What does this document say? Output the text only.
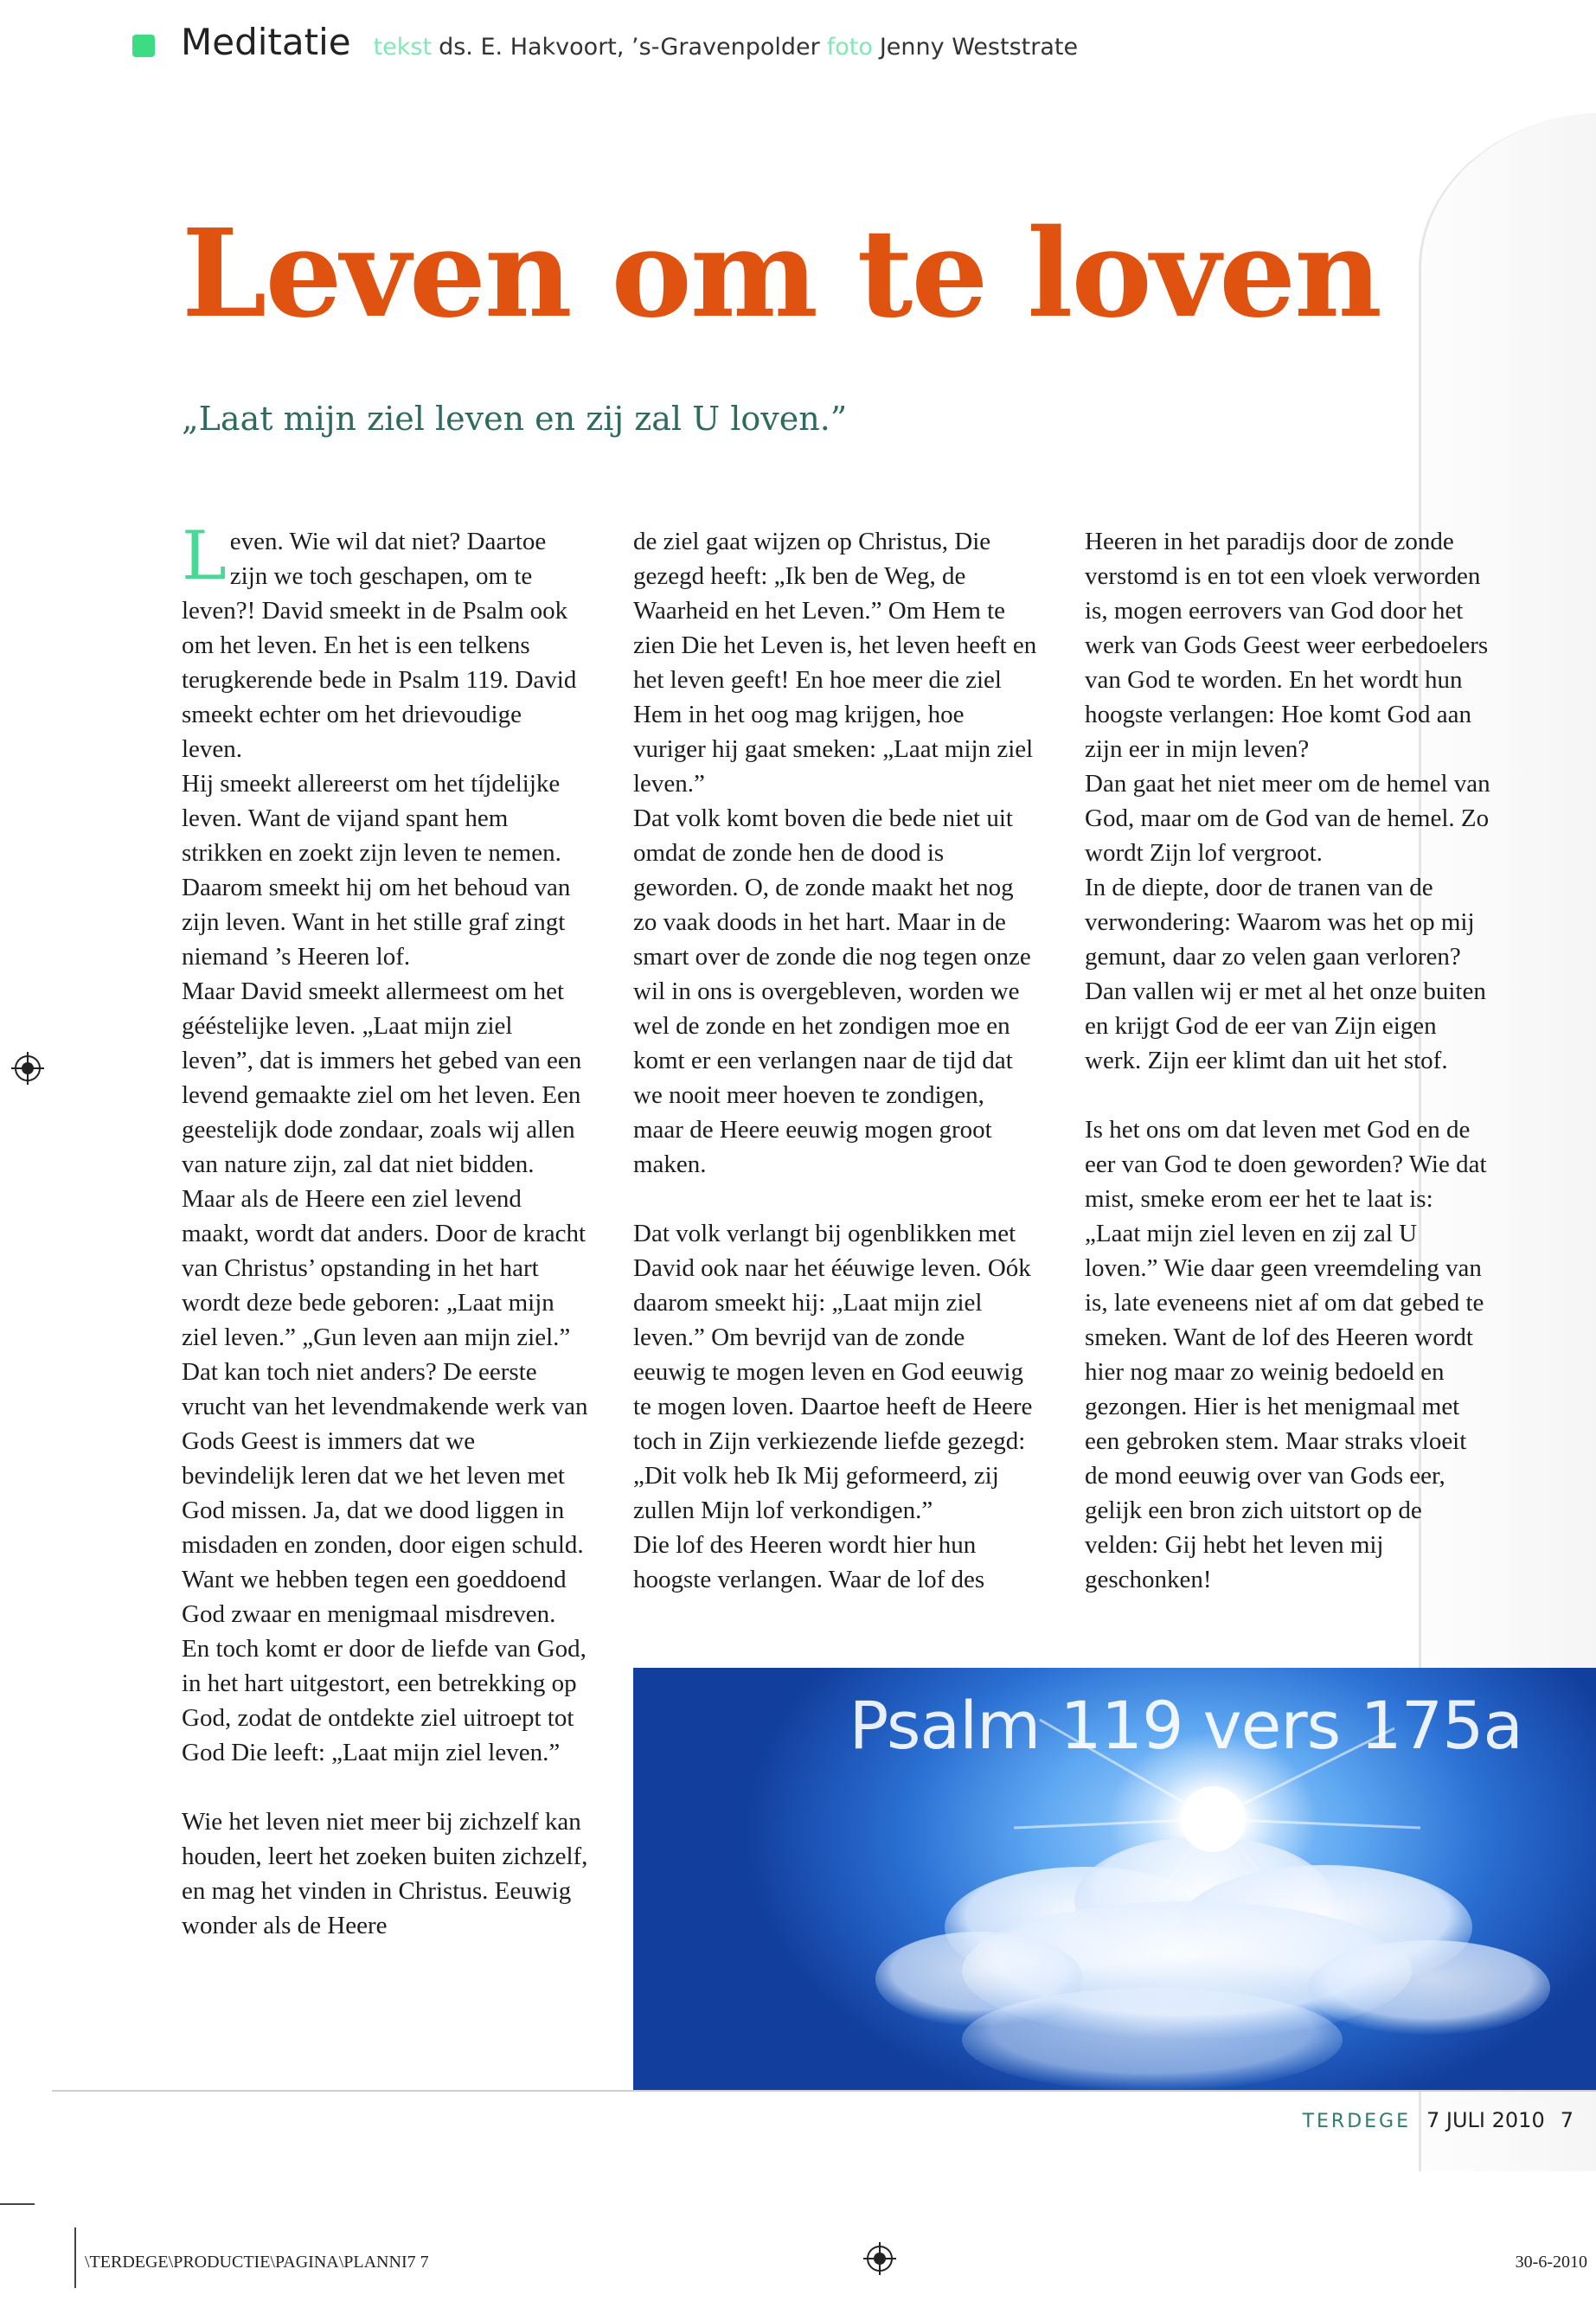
Meditatie tekst ds. E. Hakvoort, ’s-Gravenpolder foto Jenny Weststrate
Leven om te loven

„Laat mijn ziel leven en zij zal U loven.”

Leven. Wie wil dat niet? Daartoe zijn we toch geschapen, om te leven?! David smeekt in de Psalm ook om het leven. En het is een telkens terugkerende bede in Psalm 119. David smeekt echter om het drievoudige leven.

Hij smeekt allereerst om het tíjdelijke leven. Want de vijand spant hem strikken en zoekt zijn leven te nemen. Daarom smeekt hij om het behoud van zijn leven. Want in het stille graf zingt niemand ’s Heeren lof.

Maar David smeekt allermeest om het gééstelijke leven. „Laat mijn ziel leven”, dat is immers het gebed van een levend gemaakte ziel om het leven. Een geestelijk dode zondaar, zoals wij allen van nature zijn, zal dat niet bidden. Maar als de Heere een ziel levend maakt, wordt dat anders. Door de kracht van Christus’ opstanding in het hart wordt deze bede geboren: „Laat mijn ziel leven.” „Gun leven aan mijn ziel.”

Dat kan toch niet anders? De eerste vrucht van het levendmakende werk van Gods Geest is immers dat we bevindelijk leren dat we het leven met God missen. Ja, dat we dood liggen in misdaden en zonden, door eigen schuld. Want we hebben tegen een goeddoend God zwaar en menigmaal misdreven. En toch komt er door de liefde van God, in het hart uitgestort, een betrekking op God, zodat de ontdekte ziel uitroept tot God Die leeft: „Laat mijn ziel leven.”

Wie het leven niet meer bij zichzelf kan houden, leert het zoeken buiten zichzelf, en mag het vinden in Christus. Eeuwig wonder als de Heere

de ziel gaat wijzen op Christus, Die gezegd heeft: „Ik ben de Weg, de Waarheid en het Leven.” Om Hem te zien Die het Leven is, het leven heeft en het leven geeft! En hoe meer die ziel Hem in het oog mag krijgen, hoe vuriger hij gaat smeken: „Laat mijn ziel leven.”

Dat volk komt boven die bede niet uit omdat de zonde hen de dood is geworden. O, de zonde maakt het nog zo vaak doods in het hart. Maar in de smart over de zonde die nog tegen onze wil in ons is overgebleven, worden we wel de zonde en het zondigen moe en komt er een verlangen naar de tijd dat we nooit meer hoeven te zondigen, maar de Heere eeuwig mogen groot maken.

Dat volk verlangt bij ogenblikken met David ook naar het ééuwige leven. Oók daarom smeekt hij: „Laat mijn ziel leven.” Om bevrijd van de zonde eeuwig te mogen leven en God eeuwig te mogen loven. Daartoe heeft de Heere toch in Zijn verkiezende liefde gezegd: „Dit volk heb Ik Mij geformeerd, zij zullen Mijn lof verkondigen.”

Die lof des Heeren wordt hier hun hoogste verlangen. Waar de lof des

Heeren in het paradijs door de zonde verstomd is en tot een vloek verworden is, mogen eerrovers van God door het werk van Gods Geest weer eerbedoelers van God te worden. En het wordt hun hoogste verlangen: Hoe komt God aan zijn eer in mijn leven?

Dan gaat het niet meer om de hemel van God, maar om de God van de hemel. Zo wordt Zijn lof vergroot.

In de diepte, door de tranen van de verwondering: Waarom was het op mij gemunt, daar zo velen gaan verloren? Dan vallen wij er met al het onze buiten en krijgt God de eer van Zijn eigen werk. Zijn eer klimt dan uit het stof.

Is het ons om dat leven met God en de eer van God te doen geworden? Wie dat mist, smeke erom eer het te laat is: „Laat mijn ziel leven en zij zal U loven.” Wie daar geen vreemdeling van is, late eveneens niet af om dat gebed te smeken. Want de lof des Heeren wordt hier nog maar zo weinig bedoeld en gezongen. Hier is het menigmaal met een gebroken stem. Maar straks vloeit de mond eeuwig over van Gods eer, gelijk een bron zich uitstort op de velden: Gij hebt het leven mij geschonken!

Psalm 119 vers 175a
TERDEGE 7 JULI 2010 7
\TERDEGE\PRODUCTIE\PAGINA\PLANNI7 7	30-6-2010
